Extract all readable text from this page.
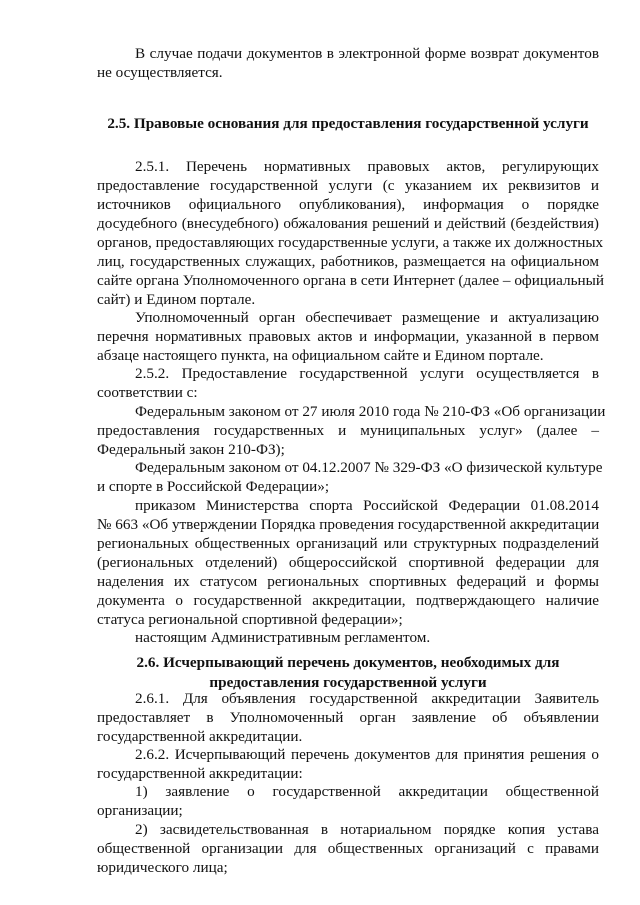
В случае подачи документов в электронной форме возврат документов

не осуществляется.

2.5. Правовые основания для предоставления государственной услуги

2.5.1. Перечень нормативных правовых актов, регулирующих

предоставление государственной услуги (с указанием их реквизитов и

источников официального опубликования), информация о порядке

досудебного (внесудебного) обжалования решений и действий (бездействия)

органов, предоставляющих государственные услуги, а также их должностных

лиц, государственных служащих, работников, размещается на официальном

сайте органа Уполномоченного органа в сети Интернет (далее – официальный

сайт) и Едином портале.

Уполномоченный орган обеспечивает размещение и актуализацию

перечня нормативных правовых актов и информации, указанной в первом

абзаце настоящего пункта, на официальном сайте и Едином портале.

2.5.2. Предоставление государственной услуги осуществляется в

соответствии с:

Федеральным законом от 27 июля 2010 года № 210-ФЗ «Об организации

предоставления государственных и муниципальных услуг» (далее –

Федеральный закон 210-ФЗ);

Федеральным законом от 04.12.2007 № 329-ФЗ «О физической культуре

и спорте в Российской Федерации»;

приказом Министерства спорта Российской Федерации 01.08.2014

№ 663 «Об утверждении Порядка проведения государственной аккредитации

региональных общественных организаций или структурных подразделений

(региональных отделений) общероссийской спортивной федерации для

наделения их статусом региональных спортивных федераций и формы

документа о государственной аккредитации, подтверждающего наличие

статуса региональной спортивной федерации»;

настоящим Административным регламентом.

2.6. Исчерпывающий перечень документов, необходимых для

предоставления государственной услуги

2.6.1. Для объявления государственной аккредитации Заявитель

предоставляет в Уполномоченный орган заявление об объявлении

государственной аккредитации.

2.6.2. Исчерпывающий перечень документов для принятия решения о

государственной аккредитации:

1) заявление о государственной аккредитации общественной

организации;

2) засвидетельствованная в нотариальном порядке копия устава

общественной организации для общественных организаций с правами

юридического лица;
